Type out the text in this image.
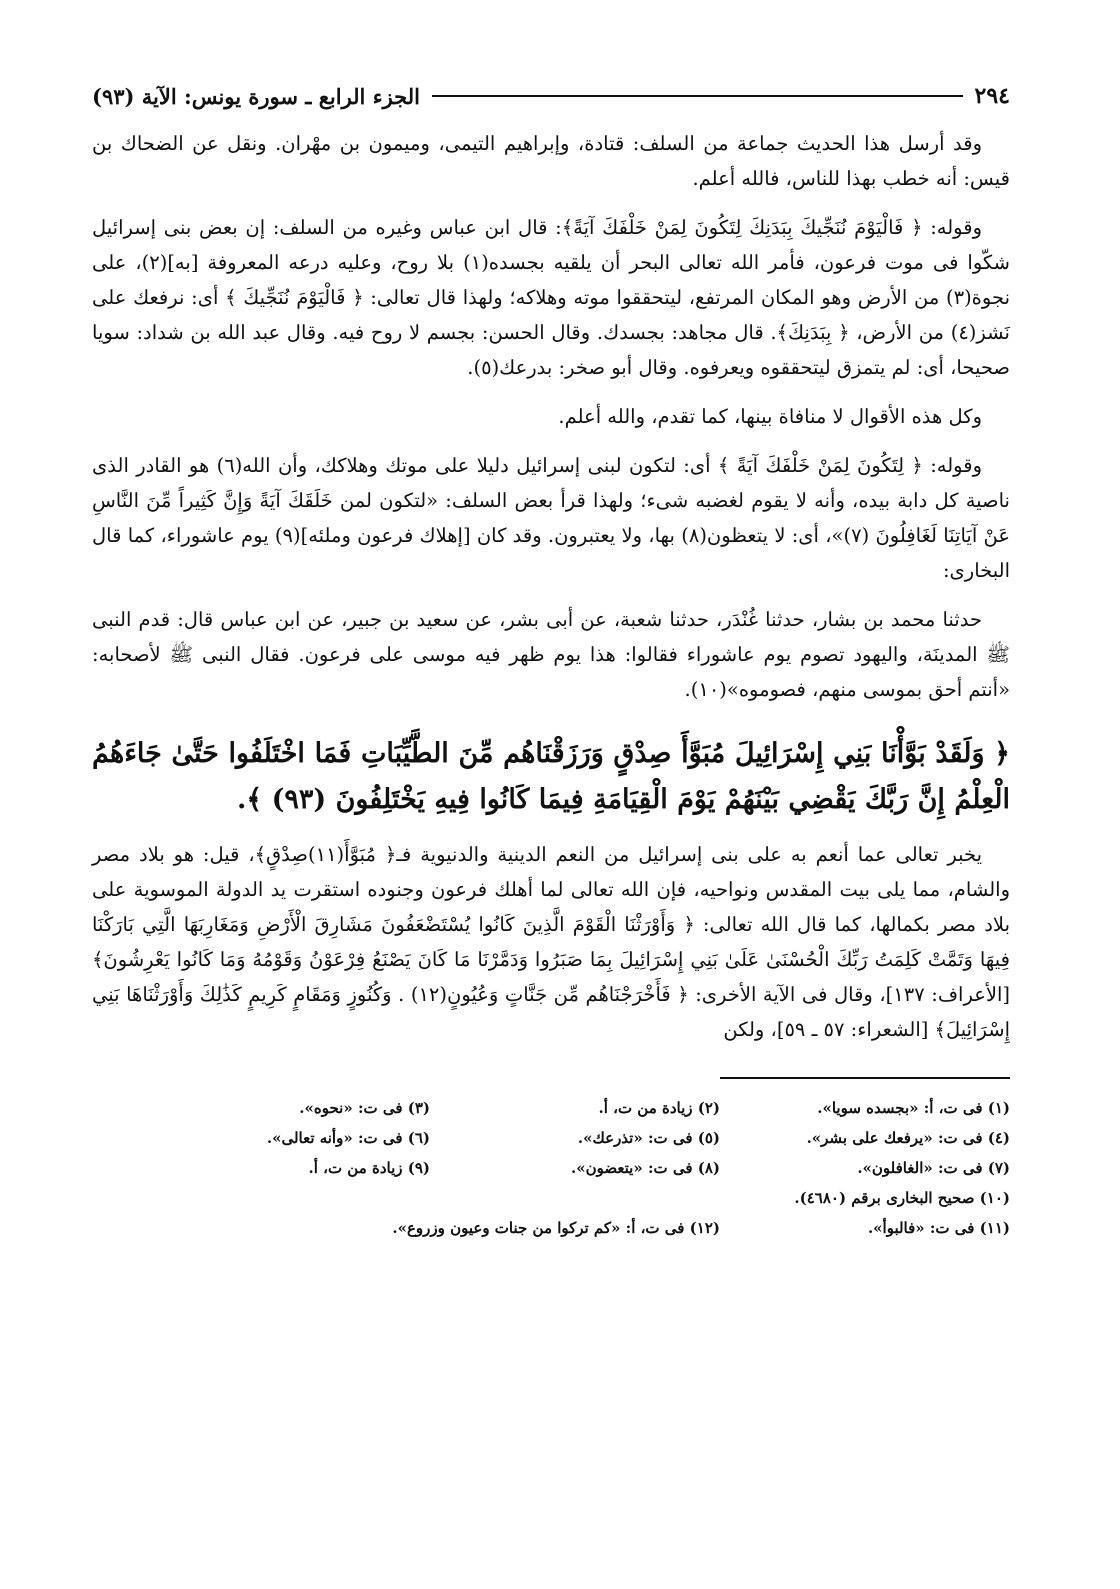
٢٩٤
الجزء الرابع ـ سورة يونس: الآية (٩٣)

وقد أرسل هذا الحديث جماعة من السلف: قتادة، وإبراهيم التيمى، وميمون بن مهْران. ونقل عن الضحاك بن قيس: أنه خطب بهذا للناس، فالله أعلم.

وقوله: ﴿ فَالْيَوْمَ نُنَجِّيكَ بِبَدَنِكَ لِتَكُونَ لِمَنْ خَلْفَكَ آيَةً﴾: قال ابن عباس وغيره من السلف: إن بعض بنى إسرائيل شكّوا فى موت فرعون، فأمر الله تعالى البحر أن يلقيه بجسده(١) بلا روح، وعليه درعه المعروفة [به](٢)، على نجوة(٣) من الأرض وهو المكان المرتفع، ليتحققوا موته وهلاكه؛ ولهذا قال تعالى: ﴿ فَالْيَوْمَ نُنَجِّيكَ ﴾ أى: نرفعك على نَشز(٤) من الأرض، ﴿ بِبَدَنِكَ﴾. قال مجاهد: بجسدك. وقال الحسن: بجسم لا روح فيه. وقال عبد الله بن شداد: سويا صحيحا، أى: لم يتمزق ليتحققوه ويعرفوه. وقال أبو صخر: بدرعك(٥).

وكل هذه الأقوال لا منافاة بينها، كما تقدم، والله أعلم.

وقوله: ﴿ لِتَكُونَ لِمَنْ خَلْفَكَ آيَةً ﴾ أى: لتكون لبنى إسرائيل دليلا على موتك وهلاكك، وأن الله(٦) هو القادر الذى ناصية كل دابة بيده، وأنه لا يقوم لغضبه شىء؛ ولهذا قرأ بعض السلف: «لتكون لمن خَلَقَكَ آيَةً وَإِنَّ كَثِيراً مِّنَ النَّاسِ عَنْ آيَاتِنَا لَغَافِلُونَ (٧)»، أى: لا يتعظون(٨) بها، ولا يعتبرون. وقد كان [إهلاك فرعون وملئه](٩) يوم عاشوراء، كما قال البخارى:

حدثنا محمد بن بشار، حدثنا غُنْدَر، حدثنا شعبة، عن أبى بشر، عن سعيد بن جبير، عن ابن عباس قال: قدم النبى ﷺ المدينَة، واليهود تصوم يوم عاشوراء فقالوا: هذا يوم ظهر فيه موسى على فرعون. فقال النبى ﷺ لأصحابه: «أنتم أحق بموسى منهم، فصوموه»(١٠).

﴿ وَلَقَدْ بَوَّأْنَا بَنِي إِسْرَائِيلَ مُبَوَّأَ صِدْقٍ وَرَزَقْنَاهُم مِّنَ الطَّيِّبَاتِ فَمَا اخْتَلَفُوا حَتَّىٰ جَاءَهُمُ الْعِلْمُ إِنَّ رَبَّكَ يَقْضِي بَيْنَهُمْ يَوْمَ الْقِيَامَةِ فِيمَا كَانُوا فِيهِ يَخْتَلِفُونَ (٩٣) ﴾.

يخبر تعالى عما أنعم به على بنى إسرائيل من النعم الدينية والدنيوية فـ﴿ مُبَوَّأَ(١١)صِدْقٍ﴾، قيل: هو بلاد مصر والشام، مما يلى بيت المقدس ونواحيه، فإن الله تعالى لما أهلك فرعون وجنوده استقرت يد الدولة الموسوية على بلاد مصر بكمالها، كما قال الله تعالى: ﴿ وَأَوْرَثْنَا الْقَوْمَ الَّذِينَ كَانُوا يُسْتَضْعَفُونَ مَشَارِقَ الْأَرْضِ وَمَغَارِبَهَا الَّتِي بَارَكْنَا فِيهَا وَتَمَّتْ كَلِمَتُ رَبِّكَ الْحُسْنَىٰ عَلَىٰ بَنِي إِسْرَائِيلَ بِمَا صَبَرُوا وَدَمَّرْنَا مَا كَانَ يَصْنَعُ فِرْعَوْنُ وَقَوْمُهُ وَمَا كَانُوا يَعْرِشُونَ﴾[الأعراف: ١٣٧]، وقال فى الآية الأخرى: ﴿ فَأَخْرَجْنَاهُم مِّن جَنَّاتٍ وَعُيُونٍ(١٢) . وَكُنُوزٍ وَمَقَامٍ كَرِيمٍ كَذَٰلِكَ وَأَوْرَثْنَاهَا بَنِي إِسْرَائِيلَ﴾ [الشعراء: ٥٧ ـ ٥٩]، ولكن

(١) فى ت، أ: «بجسده سويا».
(٢) زيادة من ت، أ.
(٣) فى ت: «نحوه».
(٤) فى ت: «يرفعك على بشر».
(٥) فى ت: «تذرعك».
(٦) فى ت: «وأنه تعالى».
(٧) فى ت: «الغافلون».
(٨) فى ت: «يتعضون».
(٩) زيادة من ت، أ.
(١٠) صحيح البخارى برقم (٤٦٨٠).
(١١) فى ت: «فالبوأ».
(١٢) فى ت، أ: «كم تركوا من جنات وعيون وزروع».
